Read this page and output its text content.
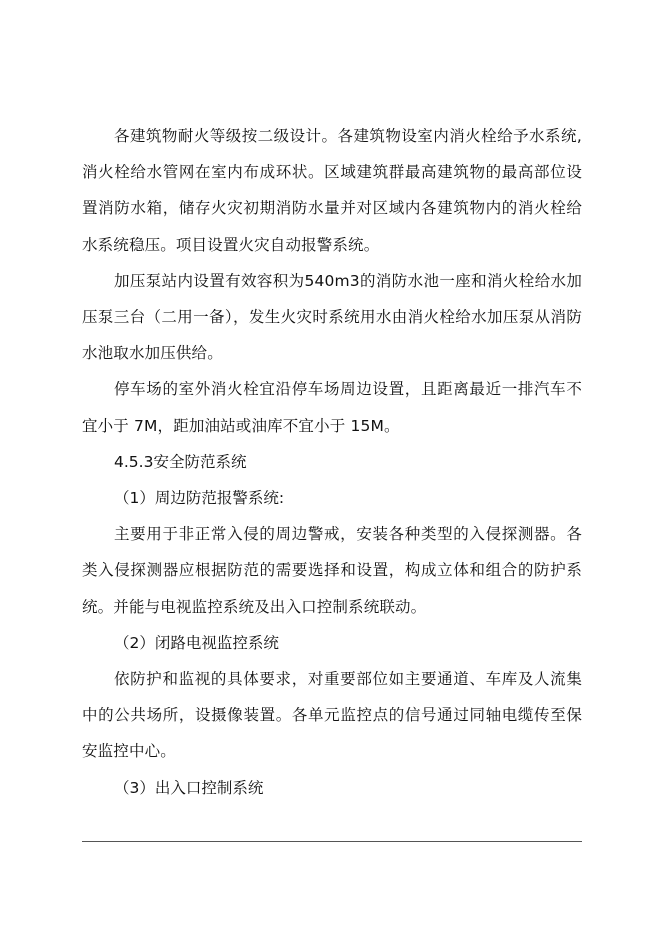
各建筑物耐火等级按二级设计。各建筑物设室内消火栓给予水系统,消火栓给水管网在室内布成环状。区域建筑群最高建筑物的最高部位设置消防水箱，储存火灾初期消防水量并对区域内各建筑物内的消火栓给水系统稳压。项目设置火灾自动报警系统。

加压泵站内设置有效容积为540m3的消防水池一座和消火栓给水加压泵三台（二用一备），发生火灾时系统用水由消火栓给水加压泵从消防水池取水加压供给。

停车场的室外消火栓宜沿停车场周边设置，且距离最近一排汽车不宜小于 7M，距加油站或油库不宜小于 15M。

4.5.3安全防范系统

（1）周边防范报警系统:

主要用于非正常入侵的周边警戒，安装各种类型的入侵探测器。各类入侵探测器应根据防范的需要选择和设置，构成立体和组合的防护系统。并能与电视监控系统及出入口控制系统联动。

（2）闭路电视监控系统

依防护和监视的具体要求，对重要部位如主要通道、车库及人流集中的公共场所，设摄像装置。各单元监控点的信号通过同轴电缆传至保安监控中心。

（3）出入口控制系统
